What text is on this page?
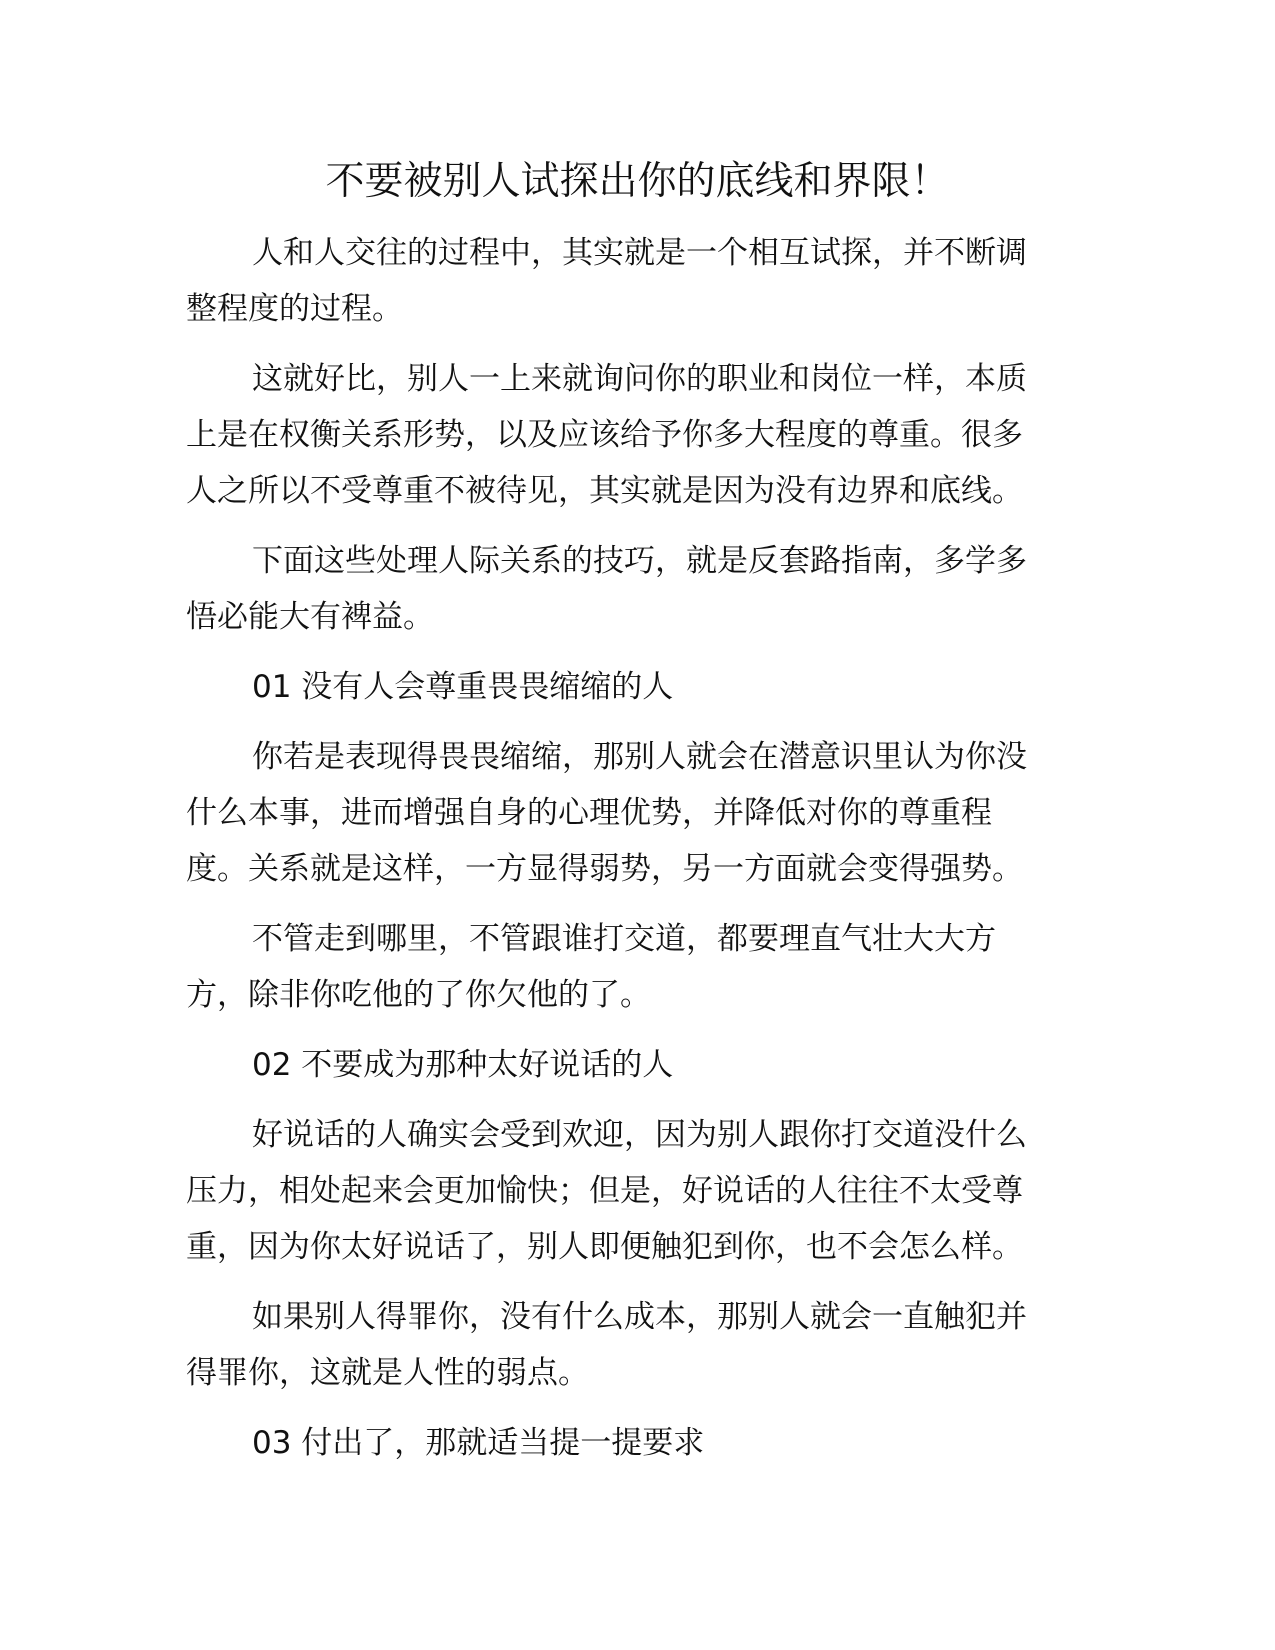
不要被别人试探出你的底线和界限！
人和人交往的过程中，其实就是一个相互试探，并不断调
整程度的过程。
这就好比，别人一上来就询问你的职业和岗位一样，本质
上是在权衡关系形势，以及应该给予你多大程度的尊重。很多
人之所以不受尊重不被待见，其实就是因为没有边界和底线。
下面这些处理人际关系的技巧，就是反套路指南，多学多
悟必能大有裨益。
01 没有人会尊重畏畏缩缩的人
你若是表现得畏畏缩缩，那别人就会在潜意识里认为你没
什么本事，进而增强自身的心理优势，并降低对你的尊重程
度。关系就是这样，一方显得弱势，另一方面就会变得强势。
不管走到哪里，不管跟谁打交道，都要理直气壮大大方
方，除非你吃他的了你欠他的了。
02 不要成为那种太好说话的人
好说话的人确实会受到欢迎，因为别人跟你打交道没什么
压力，相处起来会更加愉快；但是，好说话的人往往不太受尊
重，因为你太好说话了，别人即便触犯到你，也不会怎么样。
如果别人得罪你，没有什么成本，那别人就会一直触犯并
得罪你，这就是人性的弱点。
03 付出了，那就适当提一提要求
